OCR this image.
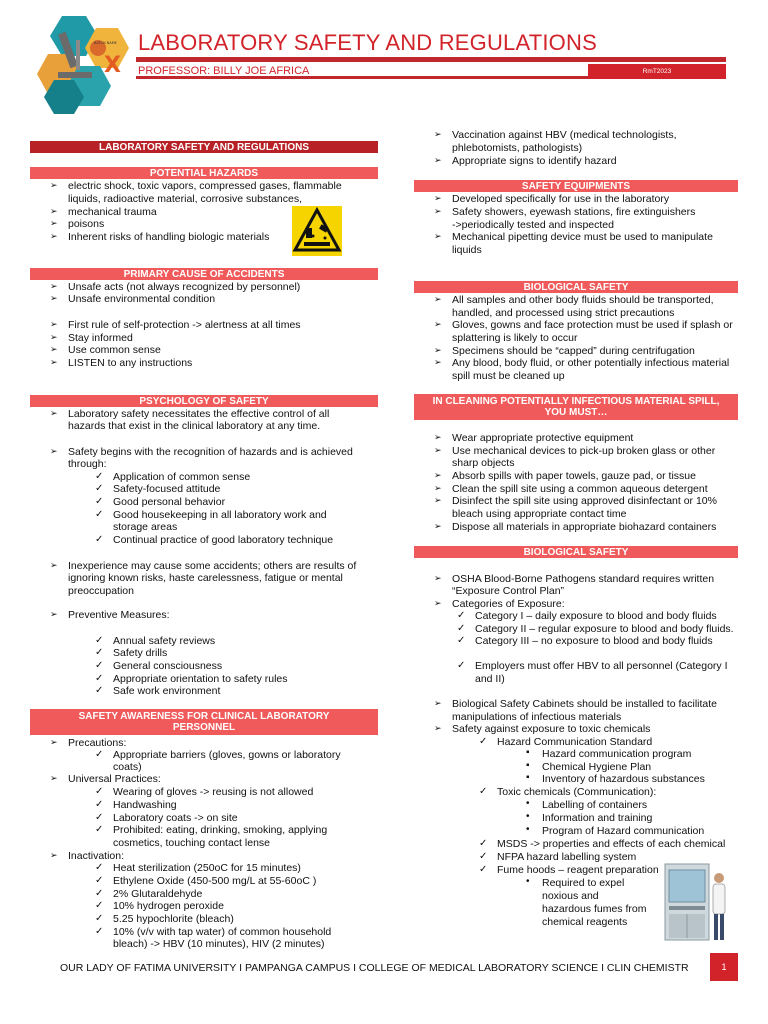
X
BATCH NAME LABORATORY SAFETY AND REGULATIONS
PROFESSOR: BILLY JOE AFRICA	RmT2023
LABORATORY SAFETY AND REGULATIONS
POTENTIAL HAZARDS
➢ electric shock, toxic vapors, compressed gases, flammable
liquids, radioactive material, corrosive substances,
➢ mechanical trauma
➢ poisons
➢ Inherent risks of handling biologic materials
PRIMARY CAUSE OF ACCIDENTS
➢ Unsafe acts (not always recognized by personnel)
➢ Unsafe environmental condition
➢ First rule of self-protection -> alertness at all times
➢ Stay informed
➢ Use common sense
➢ LISTEN to any instructions
PSYCHOLOGY OF SAFETY
➢ Laboratory safety necessitates the effective control of all
hazards that exist in the clinical laboratory at any time.
➢ Safety begins with the recognition of hazards and is achieved
through:
✓ Application of common sense
✓ Safety-focused attitude
✓ Good personal behavior
✓ Good housekeeping in all laboratory work and
storage areas
✓ Continual practice of good laboratory technique
➢ Inexperience may cause some accidents; others are results of
ignoring known risks, haste carelessness, fatigue or mental
preoccupation
➢ Preventive Measures:
✓ Annual safety reviews
✓ Safety drills
✓ General consciousness
✓ Appropriate orientation to safety rules
✓ Safe work environment
SAFETY AWARENESS FOR CLINICAL LABORATORY
PERSONNEL
➢ Precautions:
✓ Appropriate barriers (gloves, gowns or laboratory
coats)
➢ Universal Practices:
✓ Wearing of gloves -> reusing is not allowed
✓ Handwashing
✓ Laboratory coats -> on site
✓ Prohibited: eating, drinking, smoking, applying
cosmetics, touching contact lense
➢ Inactivation:
✓ Heat sterilization (250oC for 15 minutes)
✓ Ethylene Oxide (450-500 mg/L at 55-60oC )
✓ 2% Glutaraldehyde
✓ 10% hydrogen peroxide
✓ 5.25 hypochlorite (bleach)
✓ 10% (v/v with tap water) of common household
bleach) -> HBV (10 minutes), HIV (2 minutes)
➢ Vaccination against HBV (medical technologists,
phlebotomists, pathologists)
➢ Appropriate signs to identify hazard
SAFETY EQUIPMENTS
➢ Developed specifically for use in the laboratory
➢ Safety showers, eyewash stations, fire extinguishers
->periodically tested and inspected
➢ Mechanical pipetting device must be used to manipulate
liquids
BIOLOGICAL SAFETY
➢ All samples and other body fluids should be transported,
handled, and processed using strict precautions
➢ Gloves, gowns and face protection must be used if splash or
splattering is likely to occur
➢ Specimens should be “capped” during centrifugation
➢ Any blood, body fluid, or other potentially infectious material
spill must be cleaned up
IN CLEANING POTENTIALLY INFECTIOUS MATERIAL SPILL,
YOU MUST…
➢ Wear appropriate protective equipment
➢ Use mechanical devices to pick-up broken glass or other
sharp objects
➢ Absorb spills with paper towels, gauze pad, or tissue
➢ Clean the spill site using a common aqueous detergent
➢ Disinfect the spill site using approved disinfectant or 10%
bleach using appropriate contact time
➢ Dispose all materials in appropriate biohazard containers
BIOLOGICAL SAFETY
➢ OSHA Blood-Borne Pathogens standard requires written
“Exposure Control Plan”
➢ Categories of Exposure:
✓ Category I – daily exposure to blood and body fluids
✓ Category II – regular exposure to blood and body fluids.
✓ Category III – no exposure to blood and body fluids
✓ Employers must offer HBV to all personnel (Category I
and II)
➢ Biological Safety Cabinets should be installed to facilitate
manipulations of infectious materials
➢ Safety against exposure to toxic chemicals
✓ Hazard Communication Standard
▪ Hazard communication program
▪ Chemical Hygiene Plan
▪ Inventory of hazardous substances
✓ Toxic chemicals (Communication):
• Labelling of containers
• Information and training
• Program of Hazard communication
✓ MSDS -> properties and effects of each chemical
✓ NFPA hazard labelling system
✓ Fume hoods – reagent preparation
• Required to expel
noxious and
hazardous fumes from
chemical reagents
OUR LADY OF FATIMA UNIVERSITY I PAMPANGA CAMPUS I COLLEGE OF MEDICAL LABORATORY SCIENCE I CLIN CHEMISTR	1
